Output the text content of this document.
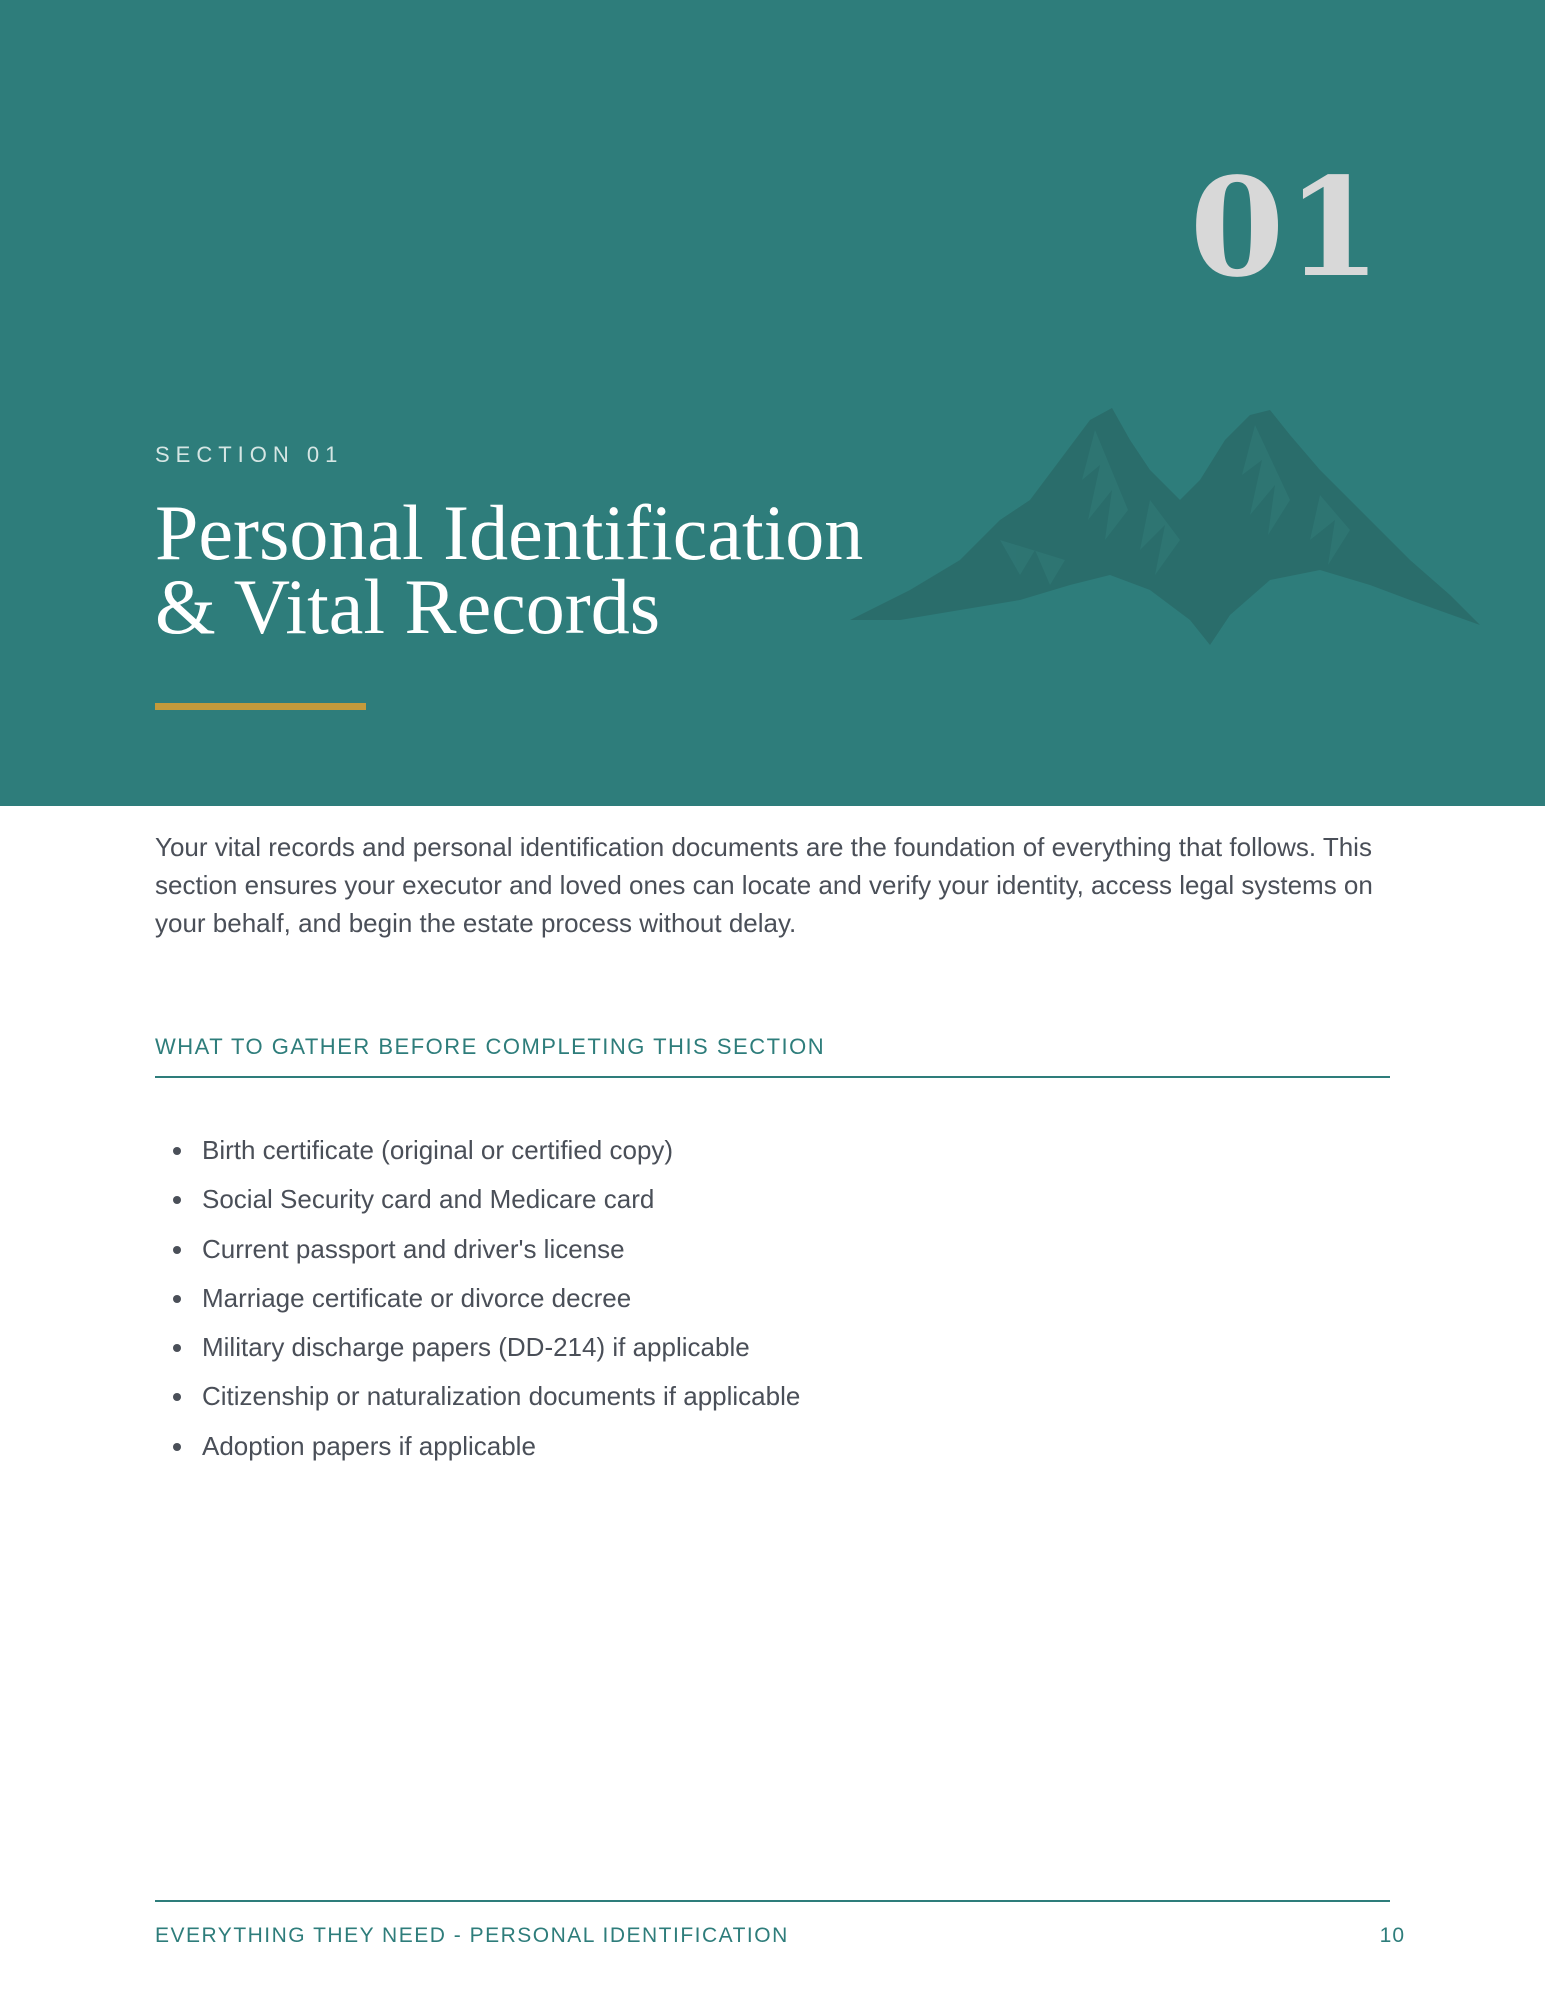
01
SECTION 01
Personal Identification
& Vital Records

Your vital records and personal identification documents are the foundation of everything that follows. This section ensures your executor and loved ones can locate and verify your identity, access legal systems on your behalf, and begin the estate process without delay.

WHAT TO GATHER BEFORE COMPLETING THIS SECTION
Birth certificate (original or certified copy)
Social Security card and Medicare card
Current passport and driver's license
Marriage certificate or divorce decree
Military discharge papers (DD-214) if applicable
Citizenship or naturalization documents if applicable
Adoption papers if applicable
EVERYTHING THEY NEED - PERSONAL IDENTIFICATION	10
